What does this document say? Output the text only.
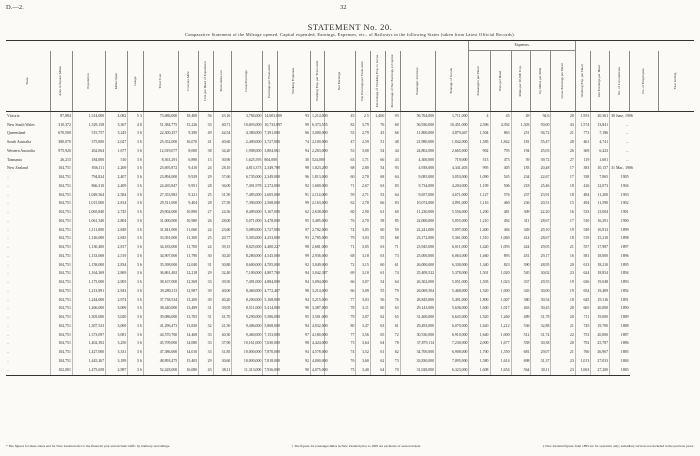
D.—2.	32
STATEMENT No. 20.
Comparative Statement of the Mileage opened, Capital expended, Earnings, Expenses, etc., of Railways in the following States (taken from Latest Official Records).
																			Expenses.									

State	Area in Square Miles	Population	Miles Open	Gauge	Total Cost	Cost per Mile	Cost per Head of Population	Train-miles run	Gross Earnings	Earnings per Train-mile	Working Expenses	Working Exp. per Train-mile	Net Earnings	Net Earnings per Train-mile	Percentage of Working Exp. to Gross	Percentage of Net Earnings to Capital	Passenger Journeys	Tonnage of Goods	Passengers per Head	Tons per Head	Miles per 10,000 Pop.	Sq. Miles per Mile	Gross Earnings per Head	Working Exp. per Head	Net Earnings per Head	No. of Locomotives	No. of Employees	Year ending

Victoria	87,884	1,314,000	4,082	5 3	73,686,000	18,400	56	43,16	3,784,000	14,603,000	93	1,214,000	45	2.5	2,400	93	56,764,000	1,711,000	4	45	49	94,6	20	1,953	20,361	30 June, 1906		
New South Wales	310,372	1,529,158	3,367	4 8	51,384,775	15,226	33	40,71	10,693,000	10,733,897	99	6,373,555	82	3,79	76	60	56,930,000	10,451,000	2,396	4,392	1,303	50,00	43	1,574	13,841	...		
Queensland	670,500	515,757	3,245	3 6	22,300,257	9,290	49	44,54	4,380,000	7,391,000	66	3,000,000	53	2,79	43	66	11,800,000	4,879,467	1,504	863	251	94,72	21	773	7,186	...		
South Australia	380,070	375,000	2,027	3 6	25,352,000	16,070	41	40,60	2,400,000	3,727,000	74	2,100,000	47	2,59	51	48	21,980,000	1,842,000	1,583	1,842	181	55,47	28	461	4,741	...		
Western Australia	975,920	262,064	1,677	3 6	12,019,077	8,000	38	34,20	1,908,000	3,804,061	94	2,203,000	53	3,00	54	44	24,802,000	2,665,000	902	795	194	45,03	26	369	6,423	...		
Tasmania	26,215	184,000	510	3 6	8,361,291	6,890	13	30,90	1,625,595	804,000	30	524,000	63	1,71	66	43	4,300,000	719,000	513	473	59	39,72	27	119	1,601	...		
New Zealand	104,751	836,111	2,269	3 6	23,695,872	9,410	24	28,10	4,813,373	2,349,788	98	1,823,200	68	2,80	54	93	4,938,000	4,341,403	995	405	183	20,48	17	383	10,157	31 Mar., 1906		
..	104,751	794,824	2,407	3 6	23,894,000	9,929	29	37,60	6,735,000	2,349,000	96	1,813,000	60	2,70	68	64	9,085,000	3,053,000	1,090	545	234	22,67	17	338	7,865	1905		
..	104,751	866,310	2,409	3 6	24,265,847	9,951	28	36,00	7,491,978	2,372,000	92	1,600,000	71	2,67	63	83	9,734,000	4,204,000	1,109	506	218	25,46	18	416	12,073	1904		
..	104,751	1,049,564	2,584	3 6	27,353,982	9,221	25	31,50	7,485,000	2,605,000	91	2,114,000	59	2,71	53	64	9,657,000	4,671,000	1,127	576	237	23,91	18	484	11,200	1903		
..	104,751	1,015,000	2,814	3 6	29,511,000	9,404	28	27,50	7,390,000	2,568,000	99	2,163,000	62	2,78	66	83	10,074,000	4,891,000	1,116	460	236	20,51	15	494	11,590	1902		
..	104,751	1,065,840	2,745	3 6	29,904,000	10,890	27	24,56	8,409,000	3,167,000	62	2,638,000	60	2,90	61	60	11,230,000	5,556,000	1,200	481	309	22,20	16	533	13,004	1901		
..	104,751	1,061,340	2,804	3 6	31,000,000	10,980	26	28,00	5,071,000	3,478,000	95	3,485,000	76	2,70	58	85	22,000,000	5,055,000	1,210	492	311	28,67	17	510	16,291	1900		
..	104,751	1,111,000	2,849	3 6	31,841,000	11,060	24	23,60	5,089,000	3,727,000	97	2,782,000	74	3,05	60	59	22,241,000	5,097,000	1,400	484	349	29,10	19	549	16,813	1899		
..	104,751	1,126,000	2,845	3 6	33,391,000	11,300	25	20,77	5,303,000	4,253,000	93	2,785,000	79	3,03	55	68	23,172,000	5,361,000	1,510	1,069	414	28,67	18	519	15,210	1898		
..	104,751	1,130,400	2,817	3 6	34,183,000	11,700	24	39,15	8,025,000	4,400,227	98	2,681,000	71	3,05	63	71	23,945,000	6,011,000	1,420	1,093	424	29,05	21	557	17,987	1897		
..	104,751	1,133,068	2,519	3 6	34,907,000	11,790	30	30,20	8,280,000	4,545,000	99	2,936,000	68	3,18	63	73	25,000,000	6,063,000	1,460	893	451	29,17	16	581	18,000	1896		
..	104,751	1,158,000	2,834	3 6	35,398,000	12,040	31	30,80	8,600,000	4,705,000	92	3,049,000	72	3,15	60	61	26,000,000	6,330,000	1,340	823	390	28,95	20	613	18,210	1895		
..	104,751	1,164,269	2,869	3 6	36,861,482	12,218	29	32,40	7,100,000	4,807,760	94	3,042,387	69	3,10	61	74	25,409,522	5,378,000	1,501	1,020	520	30,02	23	624	18,854	1894		
..	104,751	1,175,000	2,905	3 6	38,167,000	12,569	33	39,50	7,491,000	4,884,000	94	3,094,000	66	3,07	54	64	26,302,000	5,051,000	1,503	1,023	337	29,55	19	636	19,048	1893		
..	104,751	1,213,891	2,943	3 6	39,280,113	12,987	39	40,00	8,460,000	4,772,467	98	3,214,000	66	3,09	55	79	26,069,504	5,468,000	1,520	1,000	345	30,00	19	654	19,409	1892		
..	104,751	1,244,000	2,974	3 6	37,738,534	13,200	30	40,20	8,200,000	5,168,000	94	3,215,000	77	3,03	56	76	28,845,000	5,491,000	1,800	1,007	380	30,54	18	645	19,116	1891		
..	104,751	1,266,000	3,009	3 6	38,440,000	13,489	31	39,05	8,511,000	5,414,000	90	3,387,000	78	3,11	60	63	29,143,000	5,636,000	1,600	1,017	463	30,45	20	665	20,000	1890		
..	104,751	1,305,000	3,020	3 6	39,086,000	13,705	31	41,70	9,290,000	5,586,000	95	3,501,000	79	3,07	62	65	31,400,000	6,645,000	1,520	1,260	489	31,78	20	711	19,000	1889		
..	104,751	1,307,523	3,069	3 6	41,296,473	13,820	32	41,50	9,406,000	5,868,000	94	4,032,000	80	3,47	63	61	29,493,000	6,070,000	1,620	1,212	536	32,88	21	745	19,700	1888		
..	104,751	1,373,097	3,081	3 6	44,570,760	14,468	33	40,30	9,460,000	7,153,000	97	4,180,000	77	3,56	65	72	30,530,000	6,910,000	1,640	1,000	512	31,74	22	753	20,000	1887		
..	104,751	1,402,392	3,250	3 6	45,709,000	14,080	33	37,90	10,161,000	7,630,000	98	4,424,000	73	3,64	64	78	37,879,114	7,230,000	2,000	1,677	558	30,38	20	792	25,787	1886		
..	104,751	1,427,000	3,331	3 6	47,386,000	14,010	33	31,85	10,000,000	7,870,000	94	4,578,000	74	3,52	61	62	34,700,000	6,908,000	1,700	1,550	681	29,07	21	760	26,967	1885		
..	104,751	1,445,267	3,189	3 6	48,893,475	15,405	29	30,60	10,000,000	7,818,000	92	4,000,000	76	3,60	62	73	33,830,000	7,095,000	1,580	1,614	698	31,37	23	1,013	27,033	1884		
..	102,081	1,475,658	2,987	3 6	52,428,000	16,080	43	38,11	11,313,000	7,936,000	90	4,075,000	75	3,40	64	70	31,028,000	6,323,000	1,608	1,654	564	30,11	23	1,063	27,200	1883		
* The figures for these states and for New Zealand refer to the financial year and exclude traffic by tramway and sidings.	† The figures for passenger-miles in New Zealand prior to 1895 are exclusive of season tickets.	‡ New Zealand figures from 1895 are for operative only; subsidiary services not included in the previous years.
